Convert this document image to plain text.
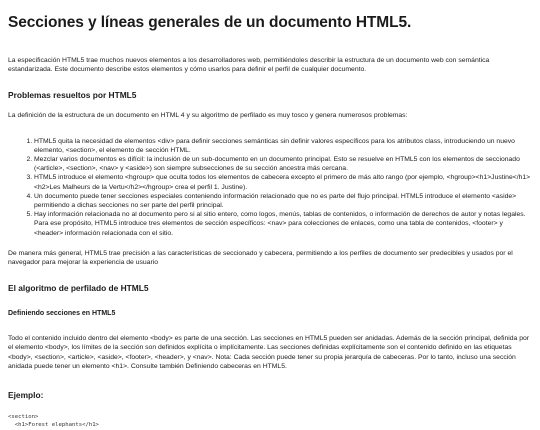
Secciones y líneas generales de un documento HTML5.

La especificación HTML5 trae muchos nuevos elementos a los desarrolladores web, permitiéndoles describir la estructura de un documento web con semántica estandarizada. Este documento describe estos elementos y cómo usarlos para definir el perfil de cualquier documento.

Problemas resueltos por HTML5

La definición de la estructura de un documento en HTML 4 y su algoritmo de perfilado es muy tosco y genera numerosos problemas:

1. HTML5 quita la necesidad de elementos <div> para definir secciones semánticas sin definir valores específicos para los atributos class, introduciendo un nuevo elemento, <section>, el elemento de sección HTML.
2. Mezclar varios documentos es difícil: la inclusión de un sub-documento en un documento principal. Esto se resuelve en HTML5 con los elementos de seccionado (<article>, <section>, <nav> y <aside>) son siempre subsecciones de su sección ancestra más cercana.
3. HTML5 introduce el elemento <hgroup> que oculta todos los elementos de cabecera excepto el primero de más alto rango (por ejemplo, <hgroup><h1>Justine</h1><h2>Les Malheurs de la Vertu</h2></hgroup> crea el perfil 1. Justine).
4. Un documento puede tener secciones especiales conteniendo información relacionado que no es parte del flujo principal. HTML5 introduce el elemento <aside> permitiendo a dichas secciones no ser parte del perfil principal.
5. Hay información relacionada no al documento pero si al sitio entero, como logos, menús, tablas de contenidos, o información de derechos de autor y notas legales. Para ese propósito, HTML5 introduce tres elementos de sección específicos: <nav> para colecciones de enlaces, como una tabla de contenidos, <footer> y <header> información relacionada con el sitio.

De manera más general, HTML5 trae precisión a las características de seccionado y cabecera, permitiendo a los perfiles de documento ser predecibles y usados por el navegador para mejorar la experiencia de usuario

El algoritmo de perfilado de HTML5
Definiendo secciones en HTML5

Todo el contenido incluido dentro del elemento <body> es parte de una sección. Las secciones en HTML5 pueden ser anidadas. Además de la sección principal, definida por el elemento <body>, los límites de la sección son definidos explícita o implícitamente. Las secciones definidas explícitamente son el contenido definido en las etiquetas <body>, <section>, <article>, <aside>, <footer>, <header>, y <nav>. Nota: Cada sección puede tener su propia jerarquía de cabeceras. Por lo tanto, incluso una sección anidada puede tener un elemento <h1>. Consulte también Definiendo cabeceras en HTML5.

Ejemplo:
<section>
<h1>Forest elephants</h1>
